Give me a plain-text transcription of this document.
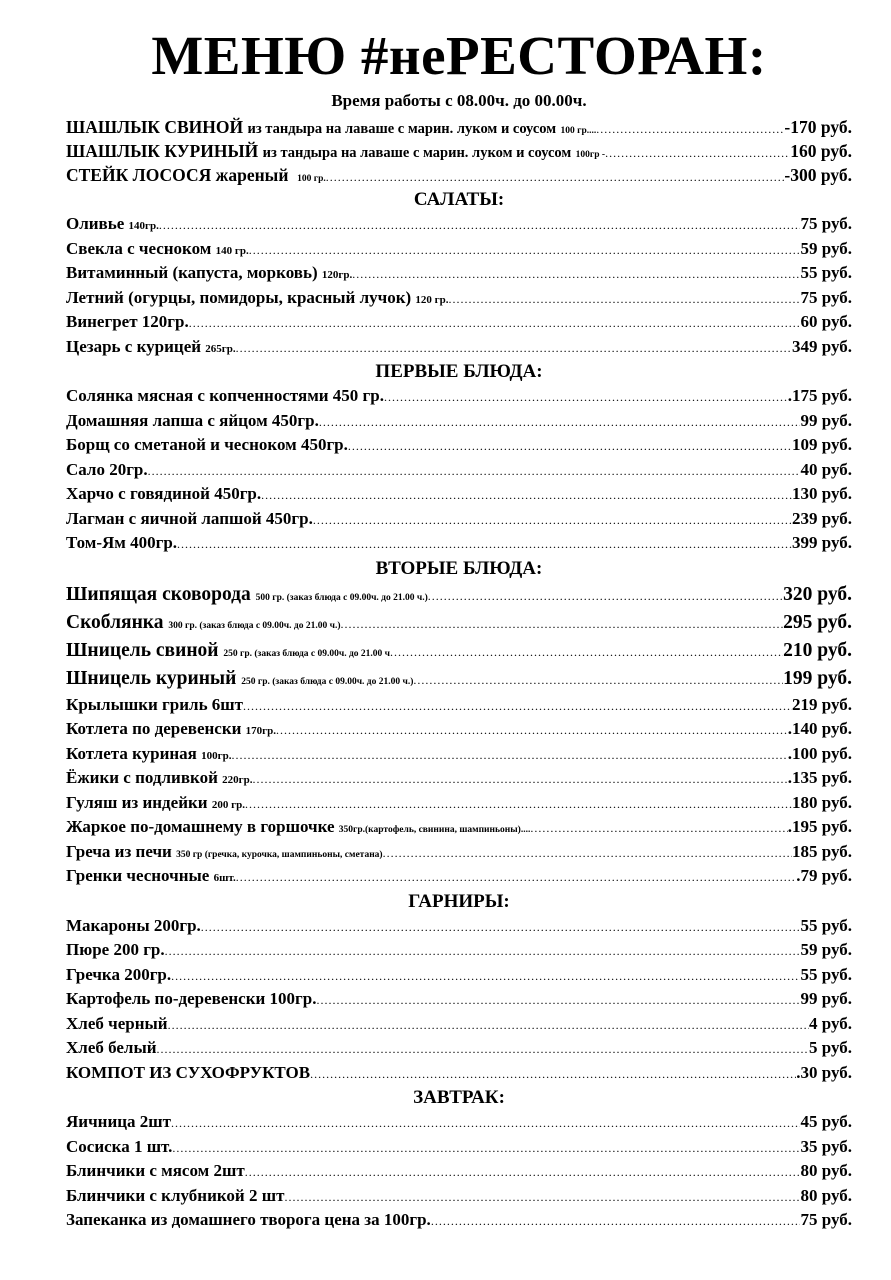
МЕНЮ #неРЕСТОРАН:
Время работы с 08.00ч. до 00.00ч.
ШАШЛЫК СВИНОЙ из тандыра на лаваше с марин. луком и соусом 100 гр.... .....	-170 руб.
ШАШЛЫК КУРИНЫЙ из тандыра на лаваше с марин. луком и соусом 100гр - .....	160 руб.
СТЕЙК ЛОСОСЯ жареный 100 гр. .....	-300 руб.
САЛАТЫ:
Оливье 140гр. .....	75 руб.
Свекла с чесноком 140 гр. .....	59 руб.
Витаминный (капуста, морковь) 120гр. .....	55 руб.
Летний (огурцы, помидоры, красный лучок) 120 гр. .....	75 руб.
Винегрет 120гр. .....	60 руб.
Цезарь с курицей 265гр. .....	349 руб.
ПЕРВЫЕ БЛЮДА:
Солянка мясная с копченностями 450 гр. .....	.175 руб.
Домашняя лапша с яйцом 450гр. .....	99 руб.
Борщ со сметаной и чесноком 450гр. .....	109 руб.
Сало 20гр. .....	40 руб.
Харчо с говядиной 450гр. .....	130 руб.
Лагман с яичной лапшой 450гр. .....	239 руб.
Том-Ям 400гр. .....	399 руб.
ВТОРЫЕ БЛЮДА:
Шипящая сковорода 500 гр. (заказ блюда с 09.00ч. до 21.00 ч.) .....	320 руб.
Скоблянка 300 гр. (заказ блюда с 09.00ч. до 21.00 ч.) .....	295 руб.
Шницель свиной 250 гр. (заказ блюда с 09.00ч. до 21.00 ч .....	210 руб.
Шницель куриный 250 гр. (заказ блюда с 09.00ч. до 21.00 ч.) .....	199 руб.
Крылышки гриль 6шт .....	219 руб.
Котлета по деревенски 170гр. .....	.140 руб.
Котлета куриная 100гр. .....	.100 руб.
Ёжики с подливкой 220гр. .....	.135 руб.
Гуляш из индейки 200 гр. .....	180 руб.
Жаркое по-домашнему в горшочке 350гр.(картофель, свинина, шампиньоны).... .....	.195 руб.
Греча из печи 350 гр (гречка, курочка, шампиньоны, сметана) .....	185 руб.
Гренки чесночные 6шт. .....	.79 руб.
ГАРНИРЫ:
Макароны 200гр. .....	55 руб.
Пюре 200 гр. .....	59 руб.
Гречка 200гр. .....	55 руб.
Картофель по-деревенски 100гр. .....	99 руб.
Хлеб черный .....	4 руб.
Хлеб белый .....	5 руб.
КОМПОТ ИЗ СУХОФРУКТОВ .....	.30 руб.
ЗАВТРАК:
Яичница 2шт .....	45 руб.
Сосиска 1 шт. .....	35 руб.
Блинчики с мясом 2шт .....	80 руб.
Блинчики с клубникой 2 шт .....	80 руб.
Запеканка из домашнего творога цена за 100гр. .....	75 руб.
